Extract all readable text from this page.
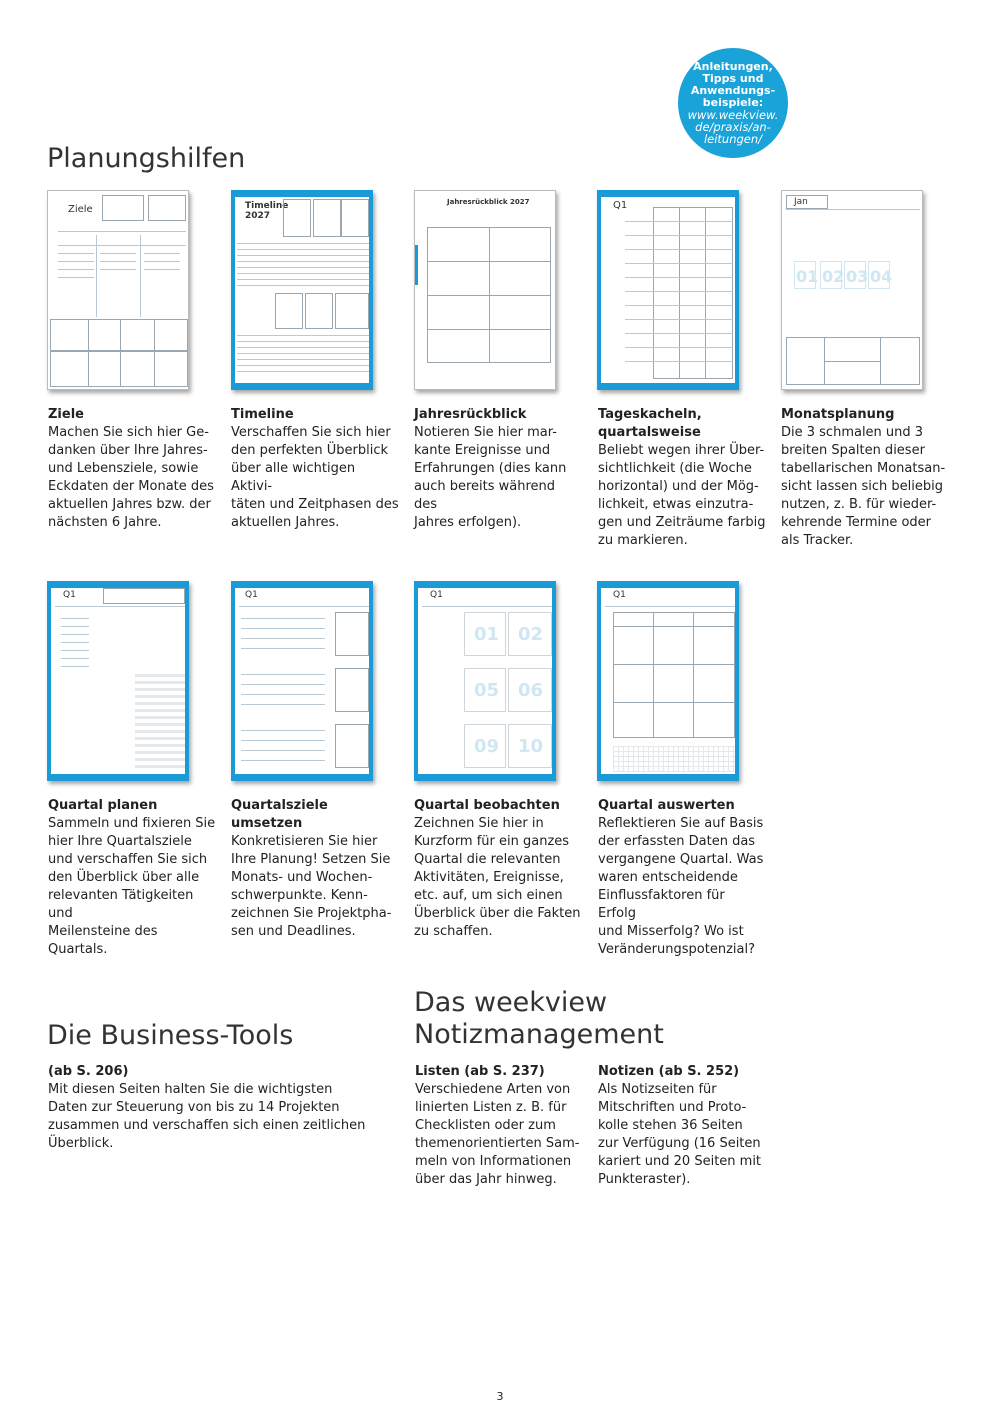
Anleitungen,
Tipps und
Anwendungs-
beispiele:
www.weekview.
de/praxis/an-
leitungen/
Planungshilfen
Ziele	Timeline
2027
Jahresrückblick 2027	Q1	Jan
01 02 03 04
Ziele
Machen Sie sich hier Ge-
danken über Ihre Jahres-
und Lebensziele, sowie
Eckdaten der Monate des
aktuellen Jahres bzw. der
nächsten 6 Jahre.
Timeline
Verschaffen Sie sich hier
den perfekten Überblick
über alle wichtigen Aktivi-
täten und Zeitphasen des
aktuellen Jahres.
Jahresrückblick
Notieren Sie hier mar-
kante Ereignisse und
Erfahrungen (dies kann
auch bereits während des
Jahres erfolgen).
Tageskacheln,
quartalsweise
Beliebt wegen ihrer Über-
sichtlichkeit (die Woche
horizontal) und der Mög-
lichkeit, etwas einzutra-
gen und Zeiträume farbig
zu markieren.
Monatsplanung
Die 3 schmalen und 3
breiten Spalten dieser
tabellarischen Monatsan-
sicht lassen sich beliebig
nutzen, z. B. für wieder-
kehrende Termine oder
als Tracker.
Q1	Q1	Q1
01 02
05 06
09 10
Q1
Quartal planen
Sammeln und fixieren Sie
hier Ihre Quartalsziele
und verschaffen Sie sich
den Überblick über alle
relevanten Tätigkeiten und
Meilensteine des Quartals.
Quartalsziele umsetzen
Konkretisieren Sie hier
Ihre Planung! Setzen Sie
Monats- und Wochen-
schwerpunkte. Kenn-
zeichnen Sie Projektpha-
sen und Deadlines.
Quartal beobachten
Zeichnen Sie hier in
Kurzform für ein ganzes
Quartal die relevanten
Aktivitäten, Ereignisse,
etc. auf, um sich einen
Überblick über die Fakten
zu schaffen.
Quartal auswerten
Reflektieren Sie auf Basis
der erfassten Daten das
vergangene Quartal. Was
waren entscheidende
Einflussfaktoren für Erfolg
und Misserfolg? Wo ist
Veränderungspotenzial?
Die Business-Tools
(ab S. 206)
Mit diesen Seiten halten Sie die wichtigsten
Daten zur Steuerung von bis zu 14 Projekten
zusammen und verschaffen sich einen zeitlichen
Überblick.
Das weekview
Notizmanagement
Listen (ab S. 237)
Verschiedene Arten von
linierten Listen z. B. für
Checklisten oder zum
themenorientierten Sam-
meln von Informationen
über das Jahr hinweg.
Notizen (ab S. 252)
Als Notizseiten für
Mitschriften und Proto-
kolle stehen 36 Seiten
zur Verfügung (16 Seiten
kariert und 20 Seiten mit
Punkteraster).
3
